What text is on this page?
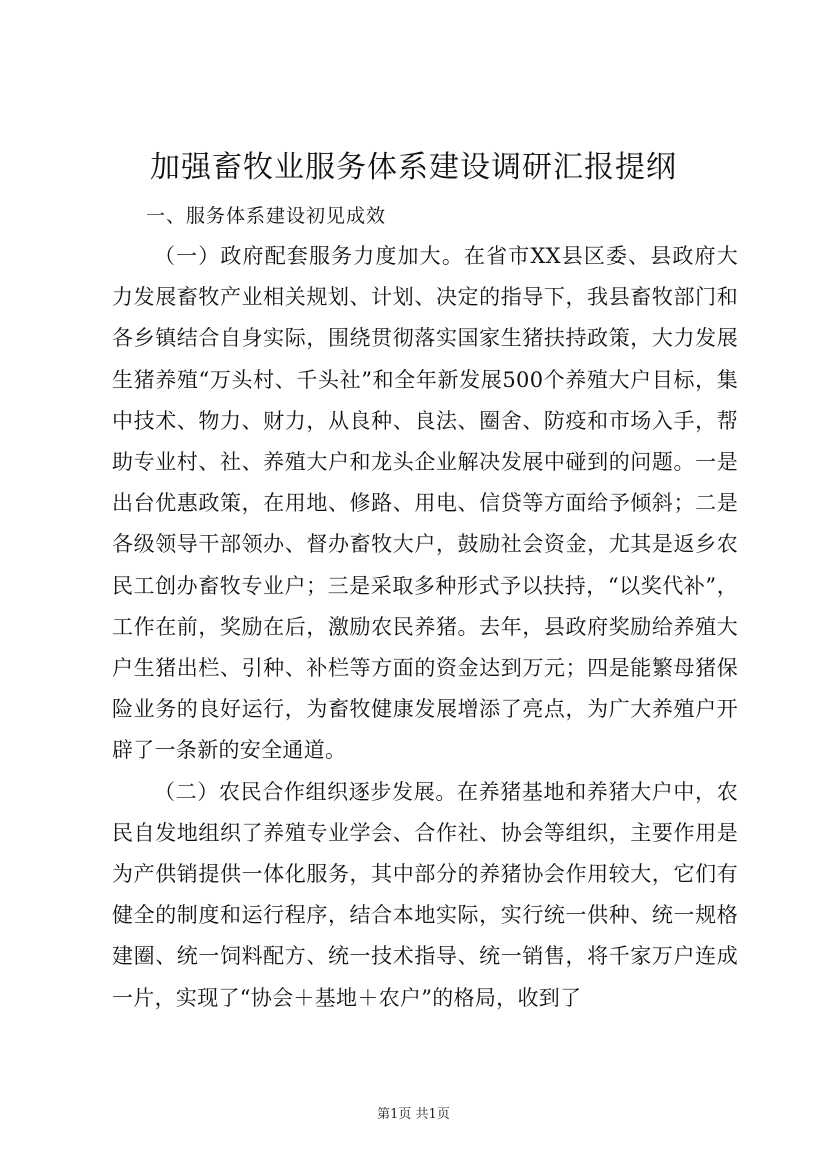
加强畜牧业服务体系建设调研汇报提纲

一、服务体系建设初见成效

（一）政府配套服务力度加大。在省市XX县区委、县政府大力发展畜牧产业相关规划、计划、决定的指导下，我县畜牧部门和各乡镇结合自身实际，围绕贯彻落实国家生猪扶持政策，大力发展生猪养殖“万头村、千头社”和全年新发展500个养殖大户目标，集中技术、物力、财力，从良种、良法、圈舍、防疫和市场入手，帮助专业村、社、养殖大户和龙头企业解决发展中碰到的问题。一是出台优惠政策，在用地、修路、用电、信贷等方面给予倾斜；二是各级领导干部领办、督办畜牧大户，鼓励社会资金，尤其是返乡农民工创办畜牧专业户；三是采取多种形式予以扶持，“以奖代补”，工作在前，奖励在后，激励农民养猪。去年，县政府奖励给养殖大户生猪出栏、引种、补栏等方面的资金达到万元；四是能繁母猪保险业务的良好运行，为畜牧健康发展增添了亮点，为广大养殖户开辟了一条新的安全通道。

（二）农民合作组织逐步发展。在养猪基地和养猪大户中，农民自发地组织了养殖专业学会、合作社、协会等组织，主要作用是为产供销提供一体化服务，其中部分的养猪协会作用较大，它们有健全的制度和运行程序，结合本地实际，实行统一供种、统一规格建圈、统一饲料配方、统一技术指导、统一销售，将千家万户连成一片，实现了“协会＋基地＋农户”的格局，收到了

第1页 共1页
